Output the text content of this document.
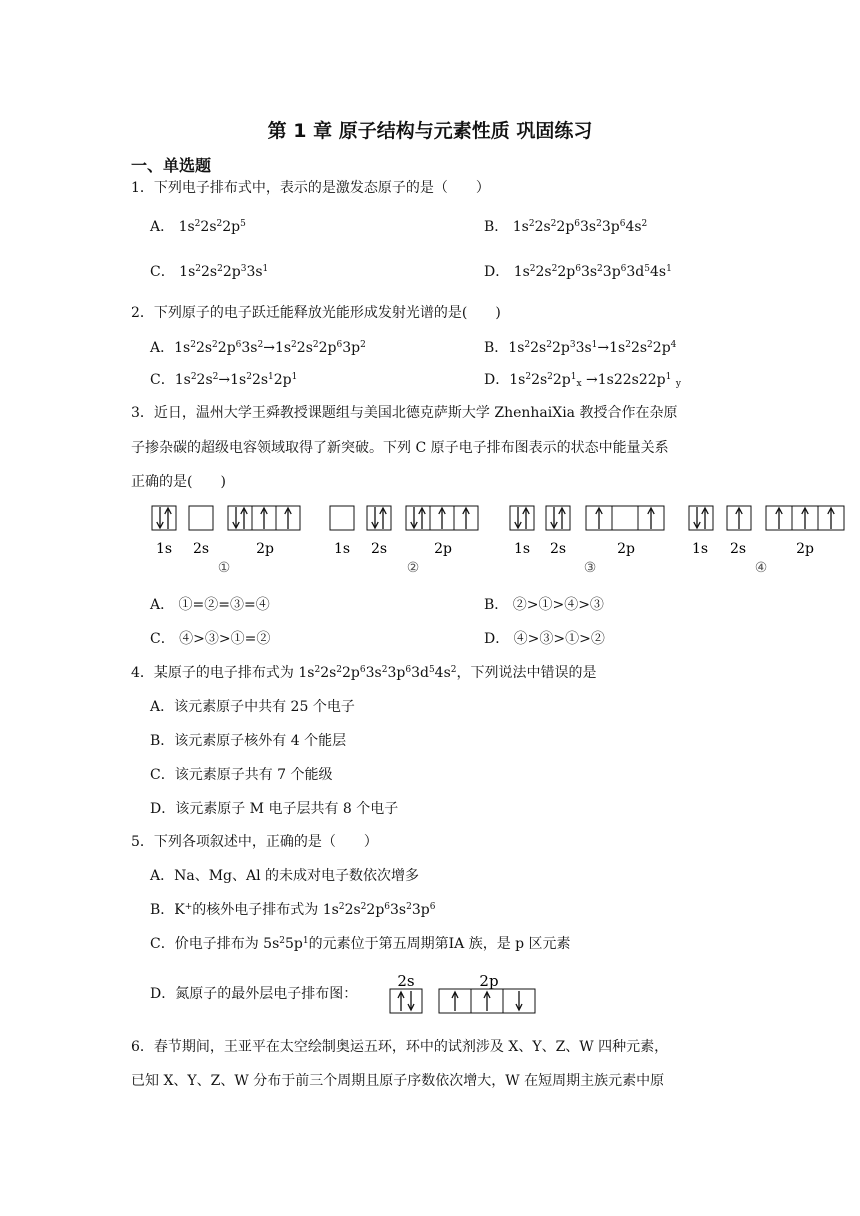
第 1 章 原子结构与元素性质 巩固练习
一、单选题
1．下列电子排布式中，表示的是激发态原子的是（　　）
A． $1s^22s^22p^5$	B． $1s^22s^22p^63s^23p^64s^2$
C． $1s^22s^22p^33s^1$	D． $1s^22s^22p^63s^23p^63d^54s^1$
2．下列原子的电子跃迁能释放光能形成发射光谱的是(　　)
A．$1s^22s^22p^63s^2\to 1s^22s^22p^63p^2$	B．$1s^22s^22p^33s^1\to 1s^22s^22p^4$
C．$1s^22s^2\to 1s^22s^12p^1$	D．$1s^22s^22p^1_x \to 1s22s22p^1$ $_y$
3．近日，温州大学王舜教授课题组与美国北德克萨斯大学 ZhenhaiXia 教授合作在杂原
子掺杂碳的超级电容领域取得了新突破。下列 C 原子电子排布图表示的状态中能量关系
正确的是(　　)
1s 2s	2p
①
1s 2s	2p
②
1s 2s	2p
③
1s 2s	2p
④
A． ①=②=③=④	B． ②>①>④>③
C． ④>③>①=②	D． ④>③>①>②
4．某原子的电子排布式为 $1s^22s^22p^63s^23p^63d^54s^2$，下列说法中错误的是
A．该元素原子中共有 25 个电子
B．该元素原子核外有 4 个能层
C．该元素原子共有 7 个能级
D．该元素原子 M 电子层共有 8 个电子
5．下列各项叙述中，正确的是（　　）
A．Na、Mg、Al 的未成对电子数依次增多
B．K+的核外电子排布式为 $1s^22s^22p^63s^23p^6$
C．价电子排布为 $5s^25p^1$的元素位于第五周期第ⅠA 族，是 p 区元素
D．氮原子的最外层电子排布图：
2s	2p
6．春节期间，王亚平在太空绘制奥运五环，环中的试剂涉及 X、Y、Z、W 四种元素，
已知 X、Y、Z、W 分布于前三个周期且原子序数依次增大，W 在短周期主族元素中原
